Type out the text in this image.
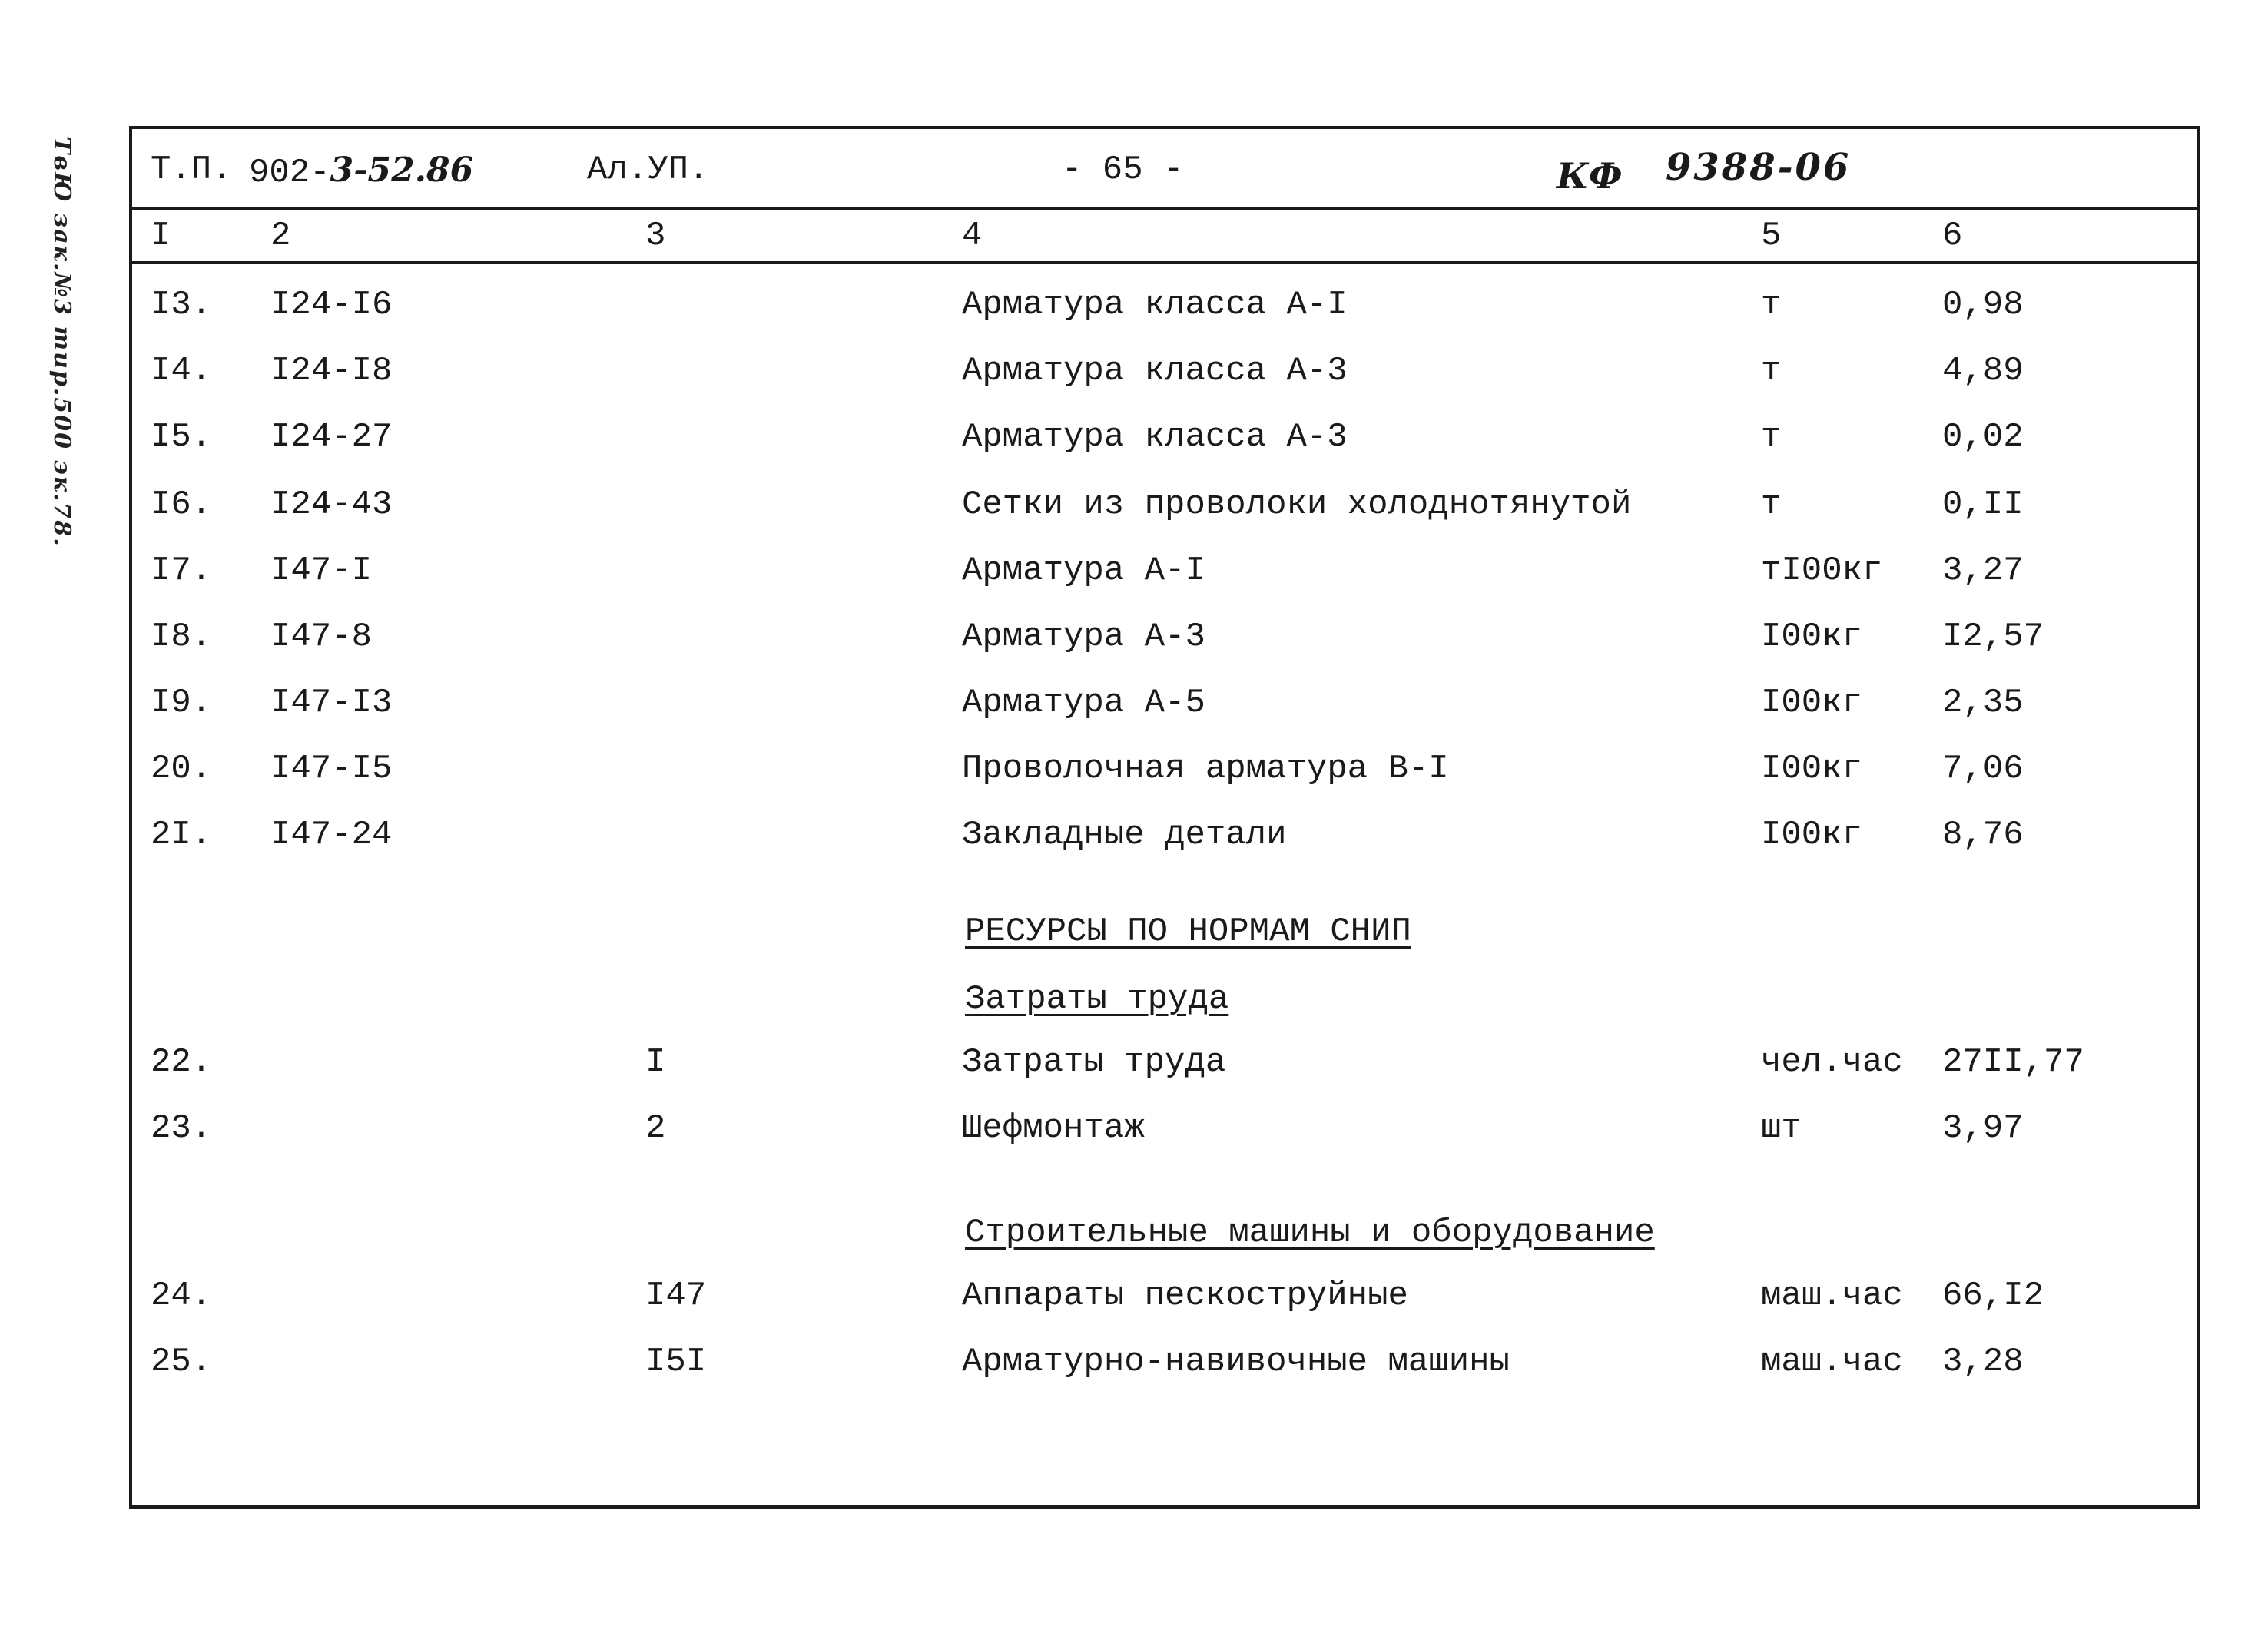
ТвЮ зак.№3 тир.500 эк.78. Т.П. 902-3-52.86	Ал.УП.	- 65 -	КФ 9388-06
I	2	3	4	5	6
I3. I24-I6	Арматура класса А-I	т	0,98
I4. I24-I8	Арматура класса А-3	т	4,89
I5. I24-27	Арматура класса А-3	т	0,02
I6. I24-43	Сетки из проволоки холоднотянутой	т	0,II
I7. I47-I	Арматура А-I	тI00кг 3,27
I8. I47-8	Арматура А-3	I00кг I2,57
I9. I47-I3	Арматура А-5	I00кг 2,35
20. I47-I5	Проволочная арматура В-I	I00кг 7,06
2I. I47-24	Закладные детали	I00кг 8,76
РЕСУРСЫ ПО НОРМАМ СНИП
Затраты труда
22.	I	Затраты труда	чел.час 27II,77
23.	2	Шефмонтаж	шт	3,97
Строительные машины и оборудование
24.	I47	Аппараты пескоструйные	маш.час 66,I2
25.	I5I	Арматурно-навивочные машины	маш.час 3,28
